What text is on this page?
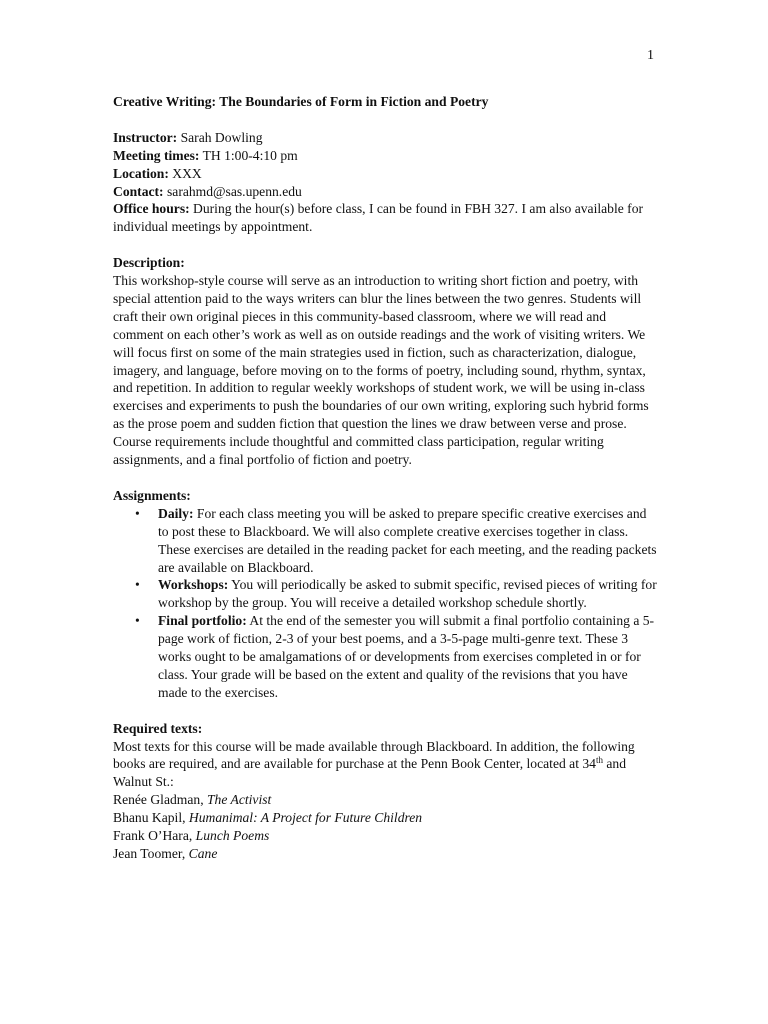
1
Creative Writing: The Boundaries of Form in Fiction and Poetry

Instructor: Sarah Dowling

Meeting times: TH 1:00-4:10 pm

Location: XXX

Contact: sarahmd@sas.upenn.edu

Office hours: During the hour(s) before class, I can be found in FBH 327. I am also available for individual meetings by appointment.

Description:

This workshop-style course will serve as an introduction to writing short fiction and poetry, with special attention paid to the ways writers can blur the lines between the two genres. Students will craft their own original pieces in this community-based classroom, where we will read and comment on each other’s work as well as on outside readings and the work of visiting writers. We will focus first on some of the main strategies used in fiction, such as characterization, dialogue, imagery, and language, before moving on to the forms of poetry, including sound, rhythm, syntax, and repetition. In addition to regular weekly workshops of student work, we will be using in-class exercises and experiments to push the boundaries of our own writing, exploring such hybrid forms as the prose poem and sudden fiction that question the lines we draw between verse and prose. Course requirements include thoughtful and committed class participation, regular writing assignments, and a final portfolio of fiction and poetry.

Assignments:
• Daily: For each class meeting you will be asked to prepare specific creative exercises and to post these to Blackboard. We will also complete creative exercises together in class. These exercises are detailed in the reading packet for each meeting, and the reading packets are available on Blackboard.
• Workshops: You will periodically be asked to submit specific, revised pieces of writing for workshop by the group. You will receive a detailed workshop schedule shortly.
• Final portfolio: At the end of the semester you will submit a final portfolio containing a 5-page work of fiction, 2-3 of your best poems, and a 3-5-page multi-genre text. These 3 works ought to be amalgamations of or developments from exercises completed in or for class. Your grade will be based on the extent and quality of the revisions that you have made to the exercises.
Required texts:

Most texts for this course will be made available through Blackboard. In addition, the following books are required, and are available for purchase at the Penn Book Center, located at 34th and Walnut St.:

Renée Gladman, The Activist

Bhanu Kapil, Humanimal: A Project for Future Children

Frank O’Hara, Lunch Poems

Jean Toomer, Cane
